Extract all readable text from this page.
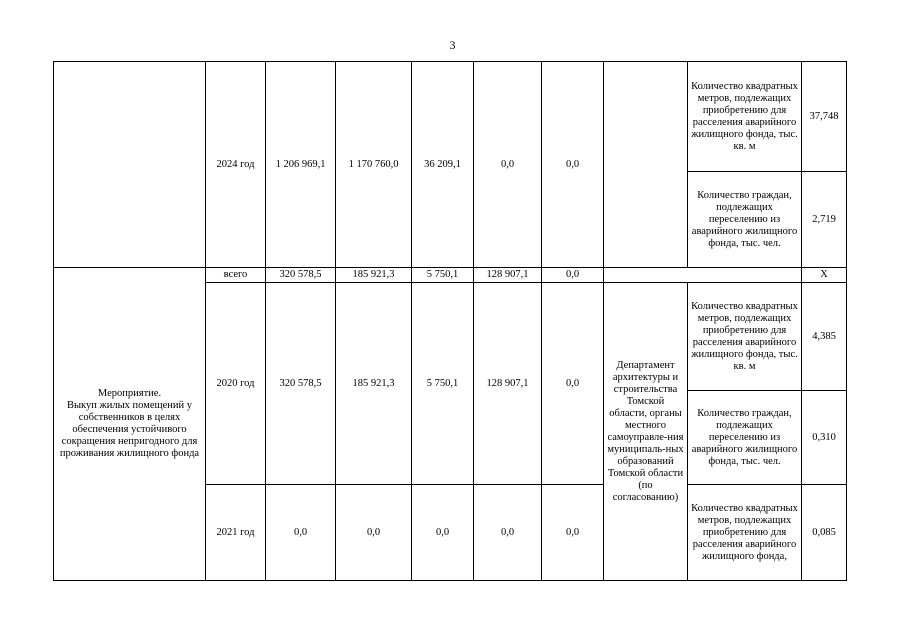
3
	2024 год	1 206 969,1	1 170 760,0	36 209,1	0,0	0,0		Количество квадратных метров, подлежащих приобретению для расселения аварийного жилищного фонда, тыс. кв. м	37,748
								Количество граждан, подлежащих переселению из аварийного жилищного фонда, тыс. чел.	2,719

Мероприятие.
Выкуп жилых помещений у собственников в целях обеспечения устойчивого сокращения непригодного для проживания жилищного фонда	всего	320 578,5	185 921,3	5 750,1	128 907,1	0,0			X
	2020 год	320 578,5	185 921,3	5 750,1	128 907,1	0,0	Департамент архитектуры и строительства Томской области, органы местного самоуправле-ния муниципаль-ных образований Томской области (по согласованию)	Количество квадратных метров, подлежащих приобретению для расселения аварийного жилищного фонда, тыс. кв. м	4,385
								Количество граждан, подлежащих переселению из аварийного жилищного фонда, тыс. чел.	0,310
	2021 год	0,0	0,0	0,0	0,0	0,0		Количество квадратных метров, подлежащих приобретению для расселения аварийного жилищного фонда,	0,085
